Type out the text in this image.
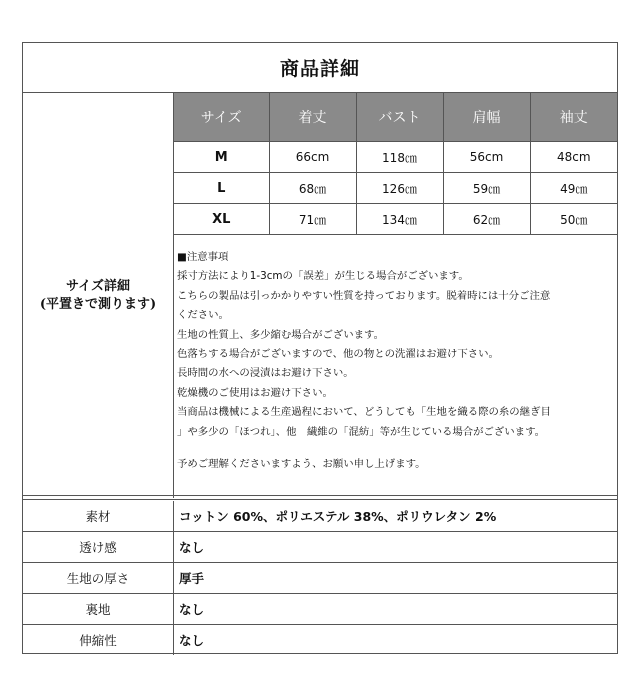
商品詳細
サイズ詳細
(平置きで測ります)
サイズ	着丈	バスト	肩幅	袖丈
M	66cm	118㎝	56cm	48cm
L	68㎝	126㎝	59㎝	49㎝
XL	71㎝	134㎝	62㎝	50㎝
■注意事項
採寸方法により1-3cmの「誤差」が生じる場合がございます。
こちらの製品は引っかかりやすい性質を持っております。脱着時には十分ご注意
ください。
生地の性質上、多少縮む場合がございます。
色落ちする場合がございますので、他の物との洗濯はお避け下さい。
長時間の水への浸漬はお避け下さい。
乾燥機のご使用はお避け下さい。
当商品は機械による生産過程において、どうしても「生地を織る際の糸の継ぎ目
」や多少の「ほつれ」、他　繊維の「混紡」等が生じている場合がございます。
予めご理解くださいますよう、お願い申し上げます。
素材	コットン 60%、ポリエステル 38%、ポリウレタン 2%
透け感	なし
生地の厚さ	厚手
裏地	なし
伸縮性	なし
